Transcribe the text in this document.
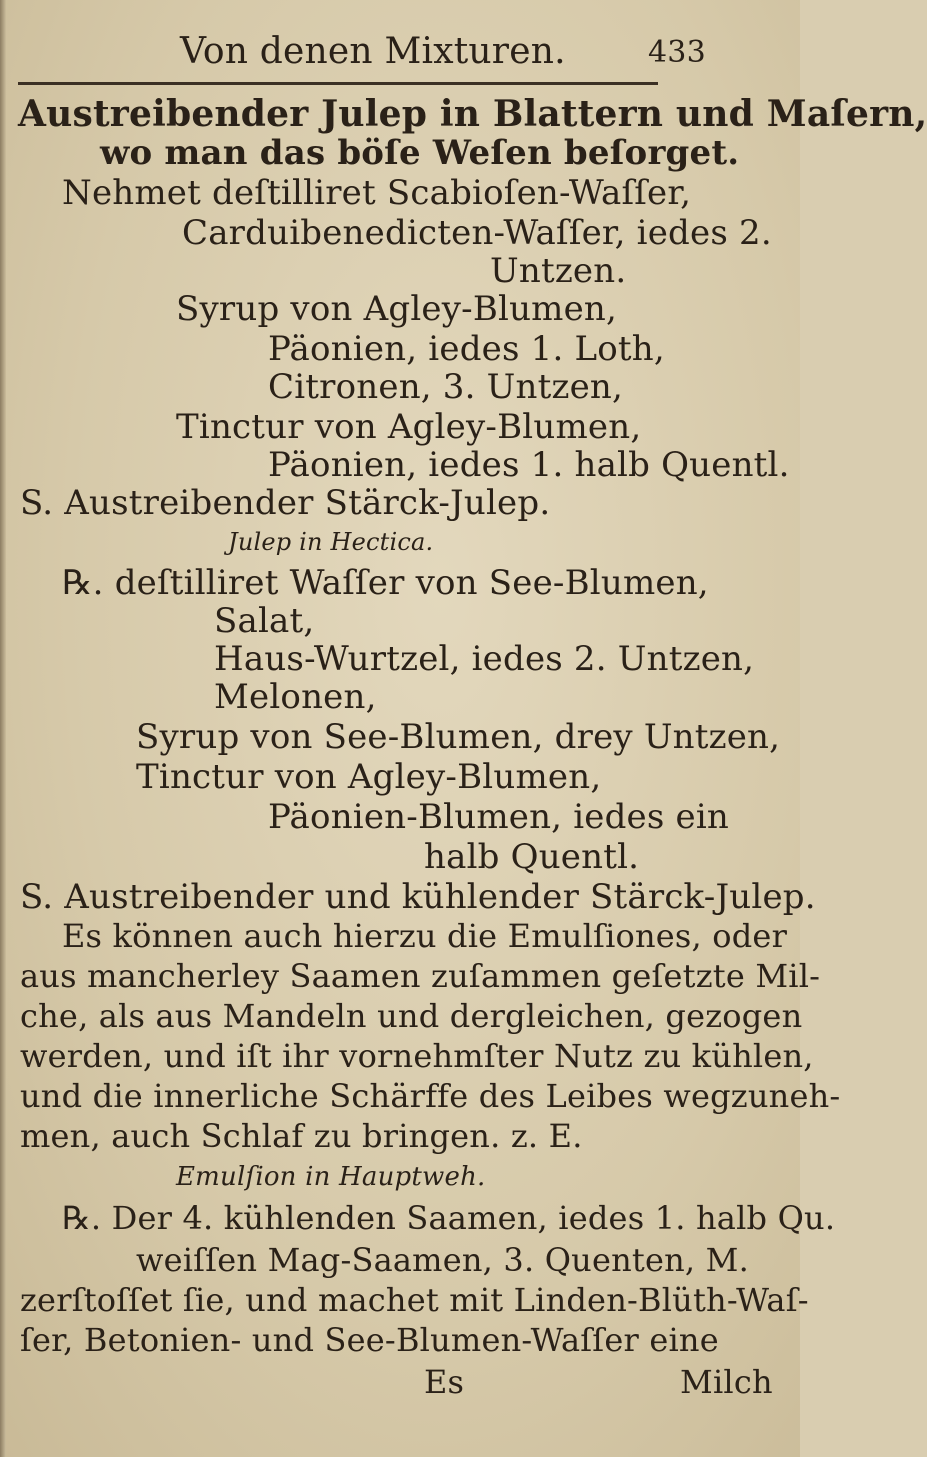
Von denen Mixturen.	433
Austreibender Julep in Blattern und Maſern,
wo man das böſe Weſen beſorget.
Nehmet deſtilliret Scabioſen-Waſſer,
Carduibenedicten-Waſſer, iedes 2.
Untzen.
Syrup von Agley-Blumen,
Päonien, iedes 1. Loth,
Citronen, 3. Untzen,
Tinctur von Agley-Blumen,
Päonien, iedes 1. halb Quentl.
S. Austreibender Stärck-Julep.
Julep in Hectica.
℞. deſtilliret Waſſer von See-Blumen,
Salat,
Haus-Wurtzel, iedes 2. Untzen,
Melonen,
Syrup von See-Blumen, drey Untzen,
Tinctur von Agley-Blumen,
Päonien-Blumen, iedes ein
halb Quentl.
S. Austreibender und kühlender Stärck-Julep.
Es können auch hierzu die Emulſiones, oder
aus mancherley Saamen zuſammen geſetzte Mil-
che, als aus Mandeln und dergleichen, gezogen
werden, und iſt ihr vornehmſter Nutz zu kühlen,
und die innerliche Schärffe des Leibes wegzuneh-
men, auch Schlaf zu bringen. z. E.
Emulſion in Hauptweh.
℞. Der 4. kühlenden Saamen, iedes 1. halb Qu.
weiſſen Mag-Saamen, 3. Quenten, M.
zerſtoſſet ſie, und machet mit Linden-Blüth-Waſ-
ſer, Betonien- und See-Blumen-Waſſer eine
Es	Milch
